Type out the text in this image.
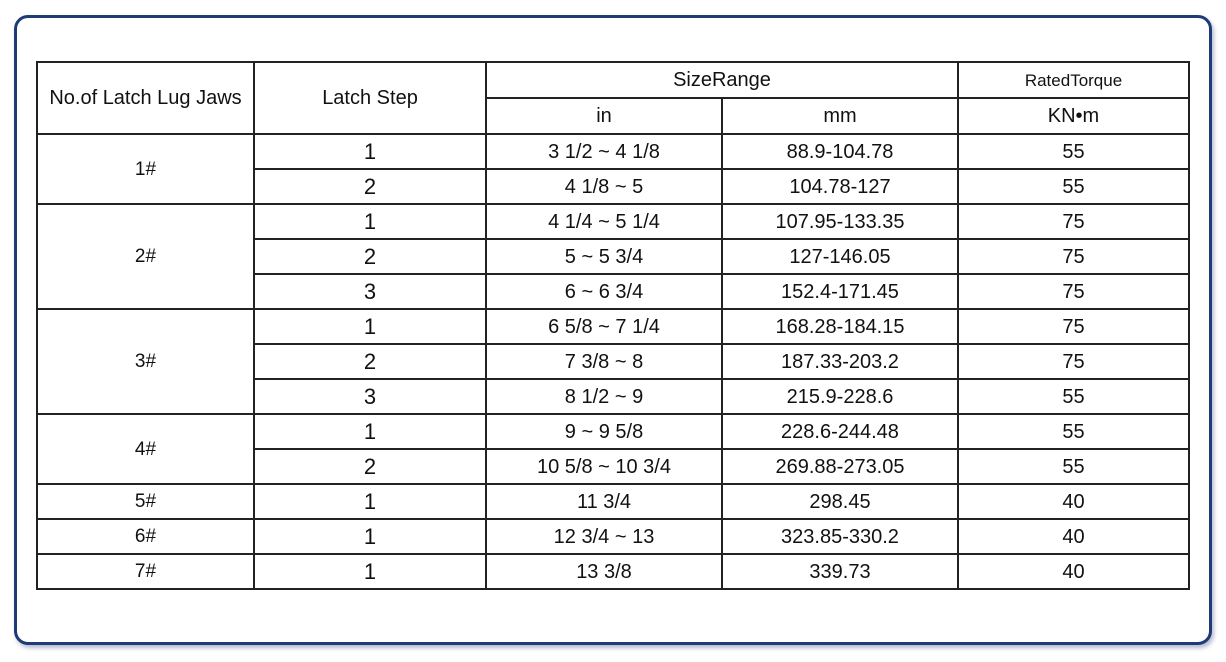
No.of Latch Lug Jaws	Latch Step	SizeRange		RatedTorque
		in	mm	KN•m
1#	1	3 1/2 ~ 4 1/8	88.9-104.78	55
	2	4 1/8 ~ 5	104.78-127	55
2#	1	4 1/4 ~ 5 1/4	107.95-133.35	75
	2	5 ~ 5 3/4	127-146.05	75
	3	6 ~ 6 3/4	152.4-171.45	75
3#	1	6 5/8 ~ 7 1/4	168.28-184.15	75
	2	7 3/8 ~ 8	187.33-203.2	75
	3	8 1/2 ~ 9	215.9-228.6	55
4#	1	9 ~ 9 5/8	228.6-244.48	55
	2	10 5/8 ~ 10 3/4	269.88-273.05	55
5#	1	11 3/4	298.45	40
6#	1	12 3/4 ~ 13	323.85-330.2	40
7#	1	13 3/8	339.73	40
